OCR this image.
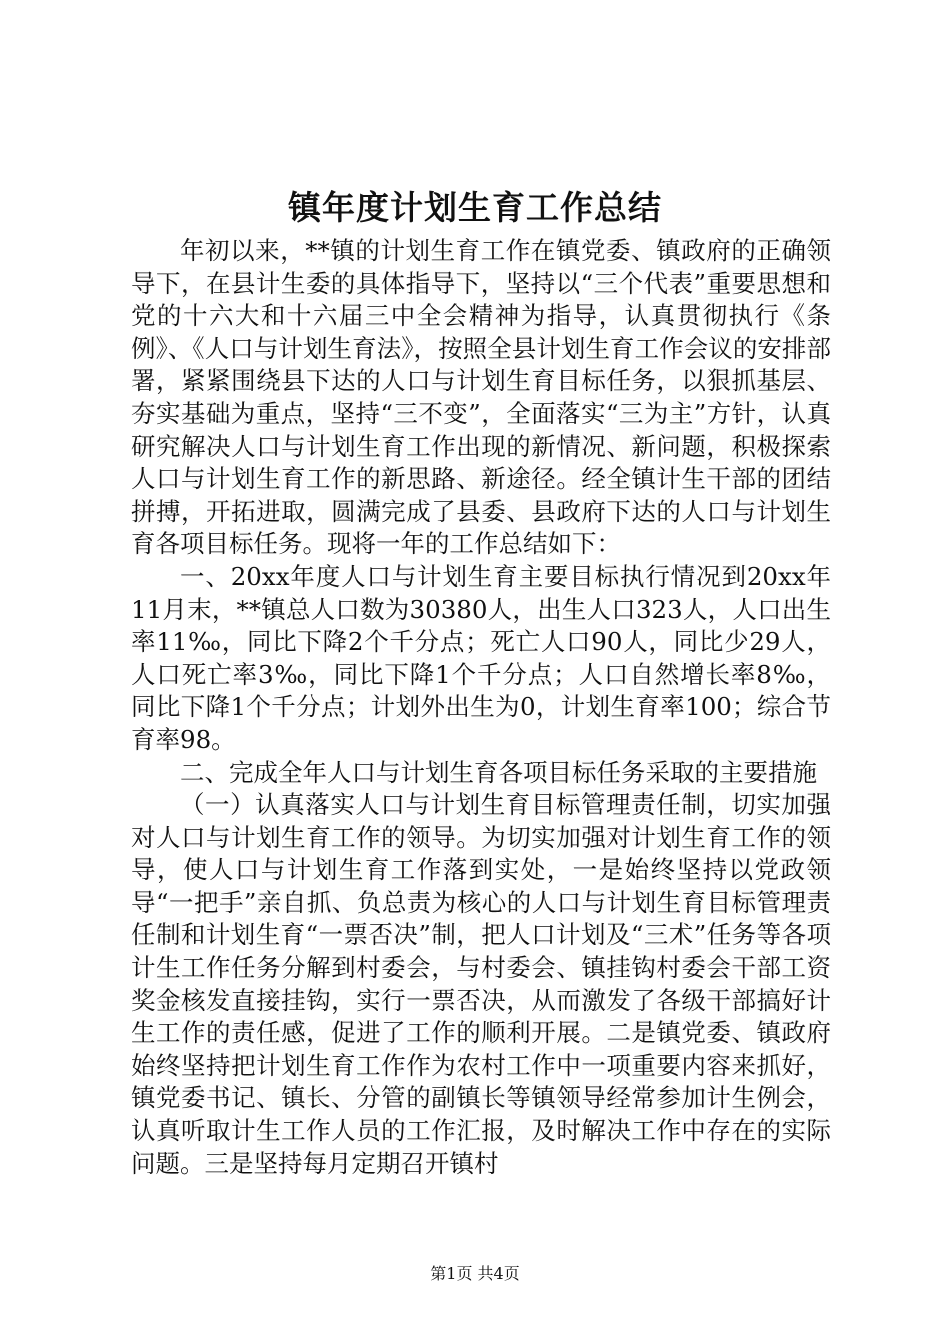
镇年度计划生育工作总结

年初以来，**镇的计划生育工作在镇党委、镇政府的正确领导下，在县计生委的具体指导下，坚持以“三个代表”重要思想和党的十六大和十六届三中全会精神为指导，认真贯彻执行《条例》、《人口与计划生育法》，按照全县计划生育工作会议的安排部署，紧紧围绕县下达的人口与计划生育目标任务，以狠抓基层、夯实基础为重点，坚持“三不变”，全面落实“三为主”方针，认真研究解决人口与计划生育工作出现的新情况、新问题，积极探索人口与计划生育工作的新思路、新途径。经全镇计生干部的团结拼搏，开拓进取，圆满完成了县委、县政府下达的人口与计划生育各项目标任务。现将一年的工作总结如下：

一、20xx年度人口与计划生育主要目标执行情况到20xx年11月末，**镇总人口数为30380人，出生人口323人，人口出生率11‰，同比下降2个千分点；死亡人口90人，同比少29人，人口死亡率3‰，同比下降1个千分点；人口自然增长率8‰，同比下降1个千分点；计划外出生为0，计划生育率100；综合节育率98。

二、完成全年人口与计划生育各项目标任务采取的主要措施

（一）认真落实人口与计划生育目标管理责任制，切实加强对人口与计划生育工作的领导。为切实加强对计划生育工作的领导，使人口与计划生育工作落到实处，一是始终坚持以党政领导“一把手”亲自抓、负总责为核心的人口与计划生育目标管理责任制和计划生育“一票否决”制，把人口计划及“三术”任务等各项计生工作任务分解到村委会，与村委会、镇挂钩村委会干部工资奖金核发直接挂钩，实行一票否决，从而激发了各级干部搞好计生工作的责任感，促进了工作的顺利开展。二是镇党委、镇政府始终坚持把计划生育工作作为农村工作中一项重要内容来抓好，镇党委书记、镇长、分管的副镇长等镇领导经常参加计生例会，认真听取计生工作人员的工作汇报，及时解决工作中存在的实际问题。三是坚持每月定期召开镇村

第1页 共4页
